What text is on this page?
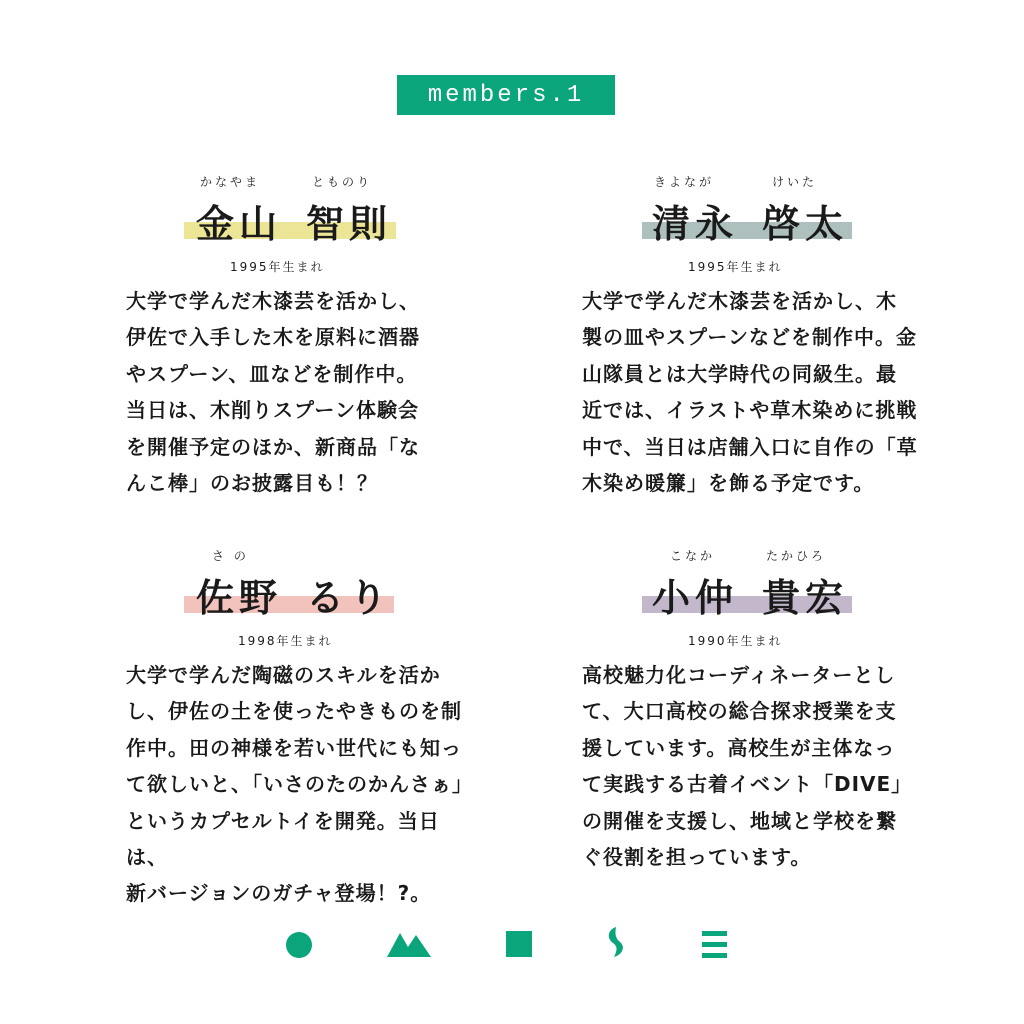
members.1
かなやま	とものり
金山 智則
1995年生まれ

大学で学んだ木漆芸を活かし、

伊佐で入手した木を原料に酒器

やスプーン、皿などを制作中。

当日は、木削りスプーン体験会

を開催予定のほか、新商品「な

んこ棒」のお披露目も！？

きよなが	けいた
清永 啓太
1995年生まれ

大学で学んだ木漆芸を活かし、木

製の皿やスプーンなどを制作中。金

山隊員とは大学時代の同級生。最

近では、イラストや草木染めに挑戦

中で、当日は店舗入口に自作の「草

木染め暖簾」を飾る予定です。

さ の
佐野 るり
1998年生まれ

大学で学んだ陶磁のスキルを活か

し、伊佐の土を使ったやきものを制

作中。田の神様を若い世代にも知っ

て欲しいと、「いさのたのかんさぁ」

というカプセルトイを開発。当日は、

新バージョンのガチャ登場！?。

こなか	たかひろ
小仲 貴宏
1990年生まれ

高校魅力化コーディネーターとし

て、大口高校の総合探求授業を支

援しています。高校生が主体なっ

て実践する古着イベント「DIVE」

の開催を支援し、地域と学校を繋

ぐ役割を担っています。
